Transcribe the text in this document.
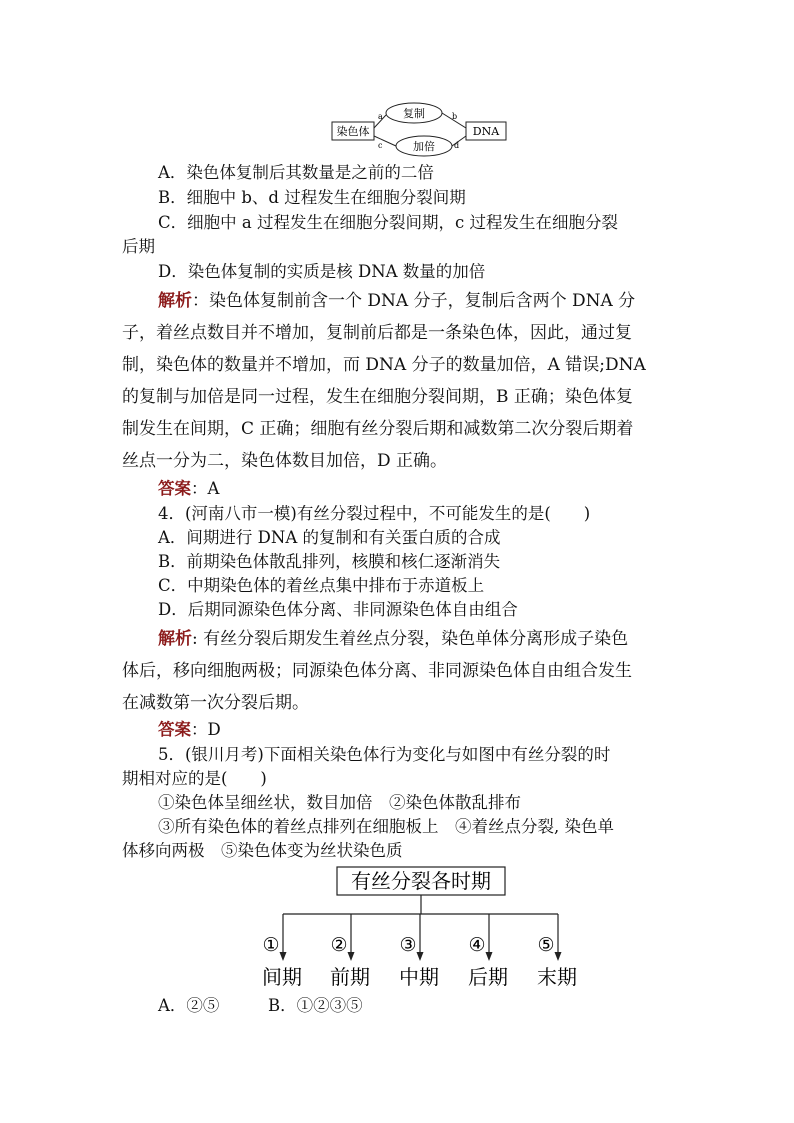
染色体	DNA
复制
加倍
a	b
c	d
A．染色体复制后其数量是之前的二倍
B．细胞中 b、d 过程发生在细胞分裂间期
C．细胞中 a 过程发生在细胞分裂间期，c 过程发生在细胞分裂
后期
D．染色体复制的实质是核 DNA 数量的加倍
解析：染色体复制前含一个 DNA 分子，复制后含两个 DNA 分
子，着丝点数目并不增加，复制前后都是一条染色体，因此，通过复
制，染色体的数量并不增加，而 DNA 分子的数量加倍，A 错误;DNA
的复制与加倍是同一过程，发生在细胞分裂间期，B 正确；染色体复
制发生在间期，C 正确；细胞有丝分裂后期和减数第二次分裂后期着
丝点一分为二，染色体数目加倍，D 正确。
答案：A
4．(河南八市一模)有丝分裂过程中，不可能发生的是(　　)
A．间期进行 DNA 的复制和有关蛋白质的合成
B．前期染色体散乱排列，核膜和核仁逐渐消失
C．中期染色体的着丝点集中排布于赤道板上
D．后期同源染色体分离、非同源染色体自由组合
解析: 有丝分裂后期发生着丝点分裂，染色单体分离形成子染色
体后，移向细胞两极；同源染色体分离、非同源染色体自由组合发生
在减数第一次分裂后期。
答案：D
5．(银川月考)下面相关染色体行为变化与如图中有丝分裂的时
期相对应的是(　　)
①染色体呈细丝状，数目加倍　②染色体散乱排布
③所有染色体的着丝点排列在细胞板上　④着丝点分裂, 染色单
体移向两极　⑤染色体变为丝状染色质
有丝分裂各时期
①
间期
②
前期
③
中期
④
后期
⑤
末期
A．②⑤	B．①②③⑤
